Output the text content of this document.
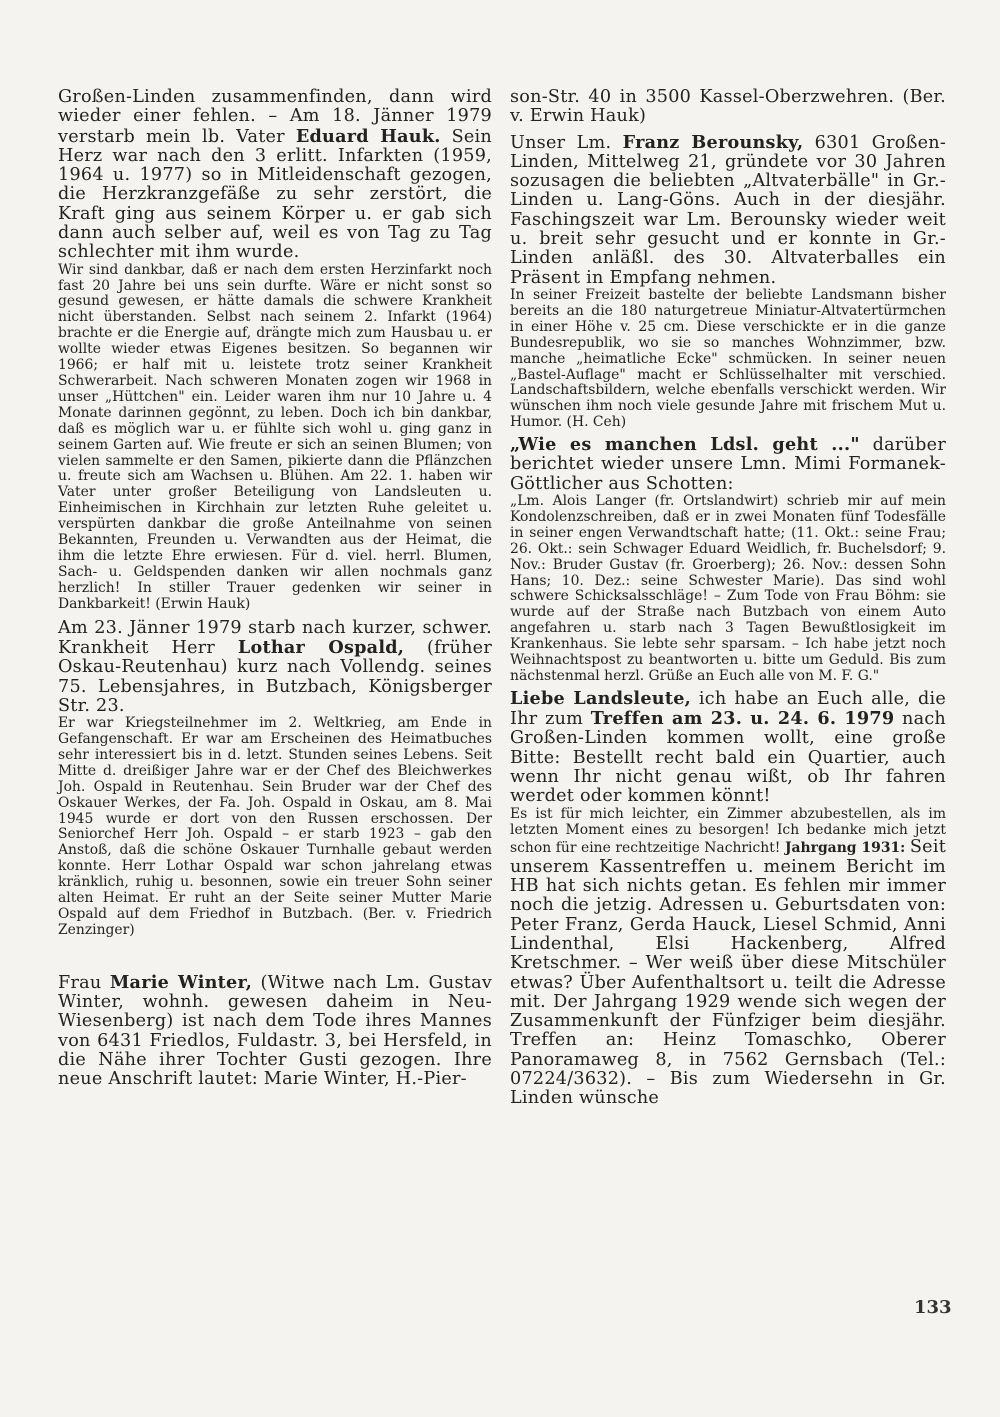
Großen-Linden zusammenfinden, dann wird wieder einer fehlen. – Am 18. Jänner 1979 verstarb mein lb. Vater Eduard Hauk. Sein Herz war nach den 3 erlitt. Infarkten (1959, 1964 u. 1977) so in Mitleidenschaft gezogen, die Herzkranzgefäße zu sehr zerstört, die Kraft ging aus seinem Körper u. er gab sich dann auch selber auf, weil es von Tag zu Tag schlechter mit ihm wurde.

Wir sind dankbar, daß er nach dem ersten Herzinfarkt noch fast 20 Jahre bei uns sein durfte. Wäre er nicht sonst so gesund gewesen, er hätte damals die schwere Krankheit nicht überstanden. Selbst nach seinem 2. Infarkt (1964) brachte er die Energie auf, drängte mich zum Hausbau u. er wollte wieder etwas Eigenes besitzen. So begannen wir 1966; er half mit u. leistete trotz seiner Krankheit Schwerarbeit. Nach schweren Monaten zogen wir 1968 in unser „Hüttchen" ein. Leider waren ihm nur 10 Jahre u. 4 Monate darinnen gegönnt, zu leben. Doch ich bin dankbar, daß es möglich war u. er fühlte sich wohl u. ging ganz in seinem Garten auf. Wie freute er sich an seinen Blumen; von vielen sammelte er den Samen, pikierte dann die Pflänzchen u. freute sich am Wachsen u. Blühen. Am 22. 1. haben wir Vater unter großer Beteiligung von Landsleuten u. Einheimischen in Kirchhain zur letzten Ruhe geleitet u. verspürten dankbar die große Anteilnahme von seinen Bekannten, Freunden u. Verwandten aus der Heimat, die ihm die letzte Ehre erwiesen. Für d. viel. herrl. Blumen, Sach- u. Geldspenden danken wir allen nochmals ganz herzlich! In stiller Trauer gedenken wir seiner in Dankbarkeit! (Erwin Hauk)

Am 23. Jänner 1979 starb nach kurzer, schwer. Krankheit Herr Lothar Ospald, (früher Oskau-Reutenhau) kurz nach Vollendg. seines 75. Lebensjahres, in Butzbach, Königsberger Str. 23.

Er war Kriegsteilnehmer im 2. Weltkrieg, am Ende in Gefangenschaft. Er war am Erscheinen des Heimatbuches sehr interessiert bis in d. letzt. Stunden seines Lebens. Seit Mitte d. dreißiger Jahre war er der Chef des Bleichwerkes Joh. Ospald in Reutenhau. Sein Bruder war der Chef des Oskauer Werkes, der Fa. Joh. Ospald in Oskau, am 8. Mai 1945 wurde er dort von den Russen erschossen. Der Seniorchef Herr Joh. Ospald – er starb 1923 – gab den Anstoß, daß die schöne Oskauer Turnhalle gebaut werden konnte. Herr Lothar Ospald war schon jahrelang etwas kränklich, ruhig u. besonnen, sowie ein treuer Sohn seiner alten Heimat. Er ruht an der Seite seiner Mutter Marie Ospald auf dem Friedhof in Butzbach. (Ber. v. Friedrich Zenzinger)

Frau Marie Winter, (Witwe nach Lm. Gustav Winter, wohnh. gewesen daheim in Neu-Wiesenberg) ist nach dem Tode ihres Mannes von 6431 Friedlos, Fuldastr. 3, bei Hersfeld, in die Nähe ihrer Tochter Gusti gezogen. Ihre neue Anschrift lautet: Marie Winter, H.-Pier-

son-Str. 40 in 3500 Kassel-Oberzwehren. (Ber. v. Erwin Hauk)

Unser Lm. Franz Berounsky, 6301 Großen-Linden, Mittelweg 21, gründete vor 30 Jahren sozusagen die beliebten „Altvaterbälle" in Gr.-Linden u. Lang-Göns. Auch in der diesjähr. Faschingszeit war Lm. Berounsky wieder weit u. breit sehr gesucht und er konnte in Gr.-Linden anläßl. des 30. Altvaterballes ein Präsent in Empfang nehmen.

In seiner Freizeit bastelte der beliebte Landsmann bisher bereits an die 180 naturgetreue Miniatur-Altvatertürmchen in einer Höhe v. 25 cm. Diese verschickte er in die ganze Bundesrepublik, wo sie so manches Wohnzimmer, bzw. manche „heimatliche Ecke" schmücken. In seiner neuen „Bastel-Auflage" macht er Schlüsselhalter mit verschied. Landschaftsbildern, welche ebenfalls verschickt werden. Wir wünschen ihm noch viele gesunde Jahre mit frischem Mut u. Humor. (H. Ceh)

„Wie es manchen Ldsl. geht ..." darüber berichtet wieder unsere Lmn. Mimi Formanek-Göttlicher aus Schotten:

„Lm. Alois Langer (fr. Ortslandwirt) schrieb mir auf mein Kondolenzschreiben, daß er in zwei Monaten fünf Todesfälle in seiner engen Verwandtschaft hatte; (11. Okt.: seine Frau; 26. Okt.: sein Schwager Eduard Weidlich, fr. Buchelsdorf; 9. Nov.: Bruder Gustav (fr. Groerberg); 26. Nov.: dessen Sohn Hans; 10. Dez.: seine Schwester Marie). Das sind wohl schwere Schicksalsschläge! – Zum Tode von Frau Böhm: sie wurde auf der Straße nach Butzbach von einem Auto angefahren u. starb nach 3 Tagen Bewußtlosigkeit im Krankenhaus. Sie lebte sehr sparsam. – Ich habe jetzt noch Weihnachtspost zu beantworten u. bitte um Geduld. Bis zum nächstenmal herzl. Grüße an Euch alle von M. F. G."

Liebe Landsleute, ich habe an Euch alle, die Ihr zum Treffen am 23. u. 24. 6. 1979 nach Großen-Linden kommen wollt, eine große Bitte: Bestellt recht bald ein Quartier, auch wenn Ihr nicht genau wißt, ob Ihr fahren werdet oder kommen könnt!

Es ist für mich leichter, ein Zimmer abzubestellen, als im letzten Moment eines zu besorgen! Ich bedanke mich jetzt schon für eine rechtzeitige Nachricht! Jahrgang 1931: Seit unserem Kassentreffen u. meinem Bericht im HB hat sich nichts getan. Es fehlen mir immer noch die jetzig. Adressen u. Geburtsdaten von: Peter Franz, Gerda Hauck, Liesel Schmid, Anni Lindenthal, Elsi Hackenberg, Alfred Kretschmer. – Wer weiß über diese Mitschüler etwas? Über Aufenthaltsort u. teilt die Adresse mit. Der Jahrgang 1929 wende sich wegen der Zusammenkunft der Fünfziger beim diesjähr. Treffen an: Heinz Tomaschko, Oberer Panoramaweg 8, in 7562 Gernsbach (Tel.: 07224/3632). – Bis zum Wiedersehn in Gr. Linden wünsche

133
